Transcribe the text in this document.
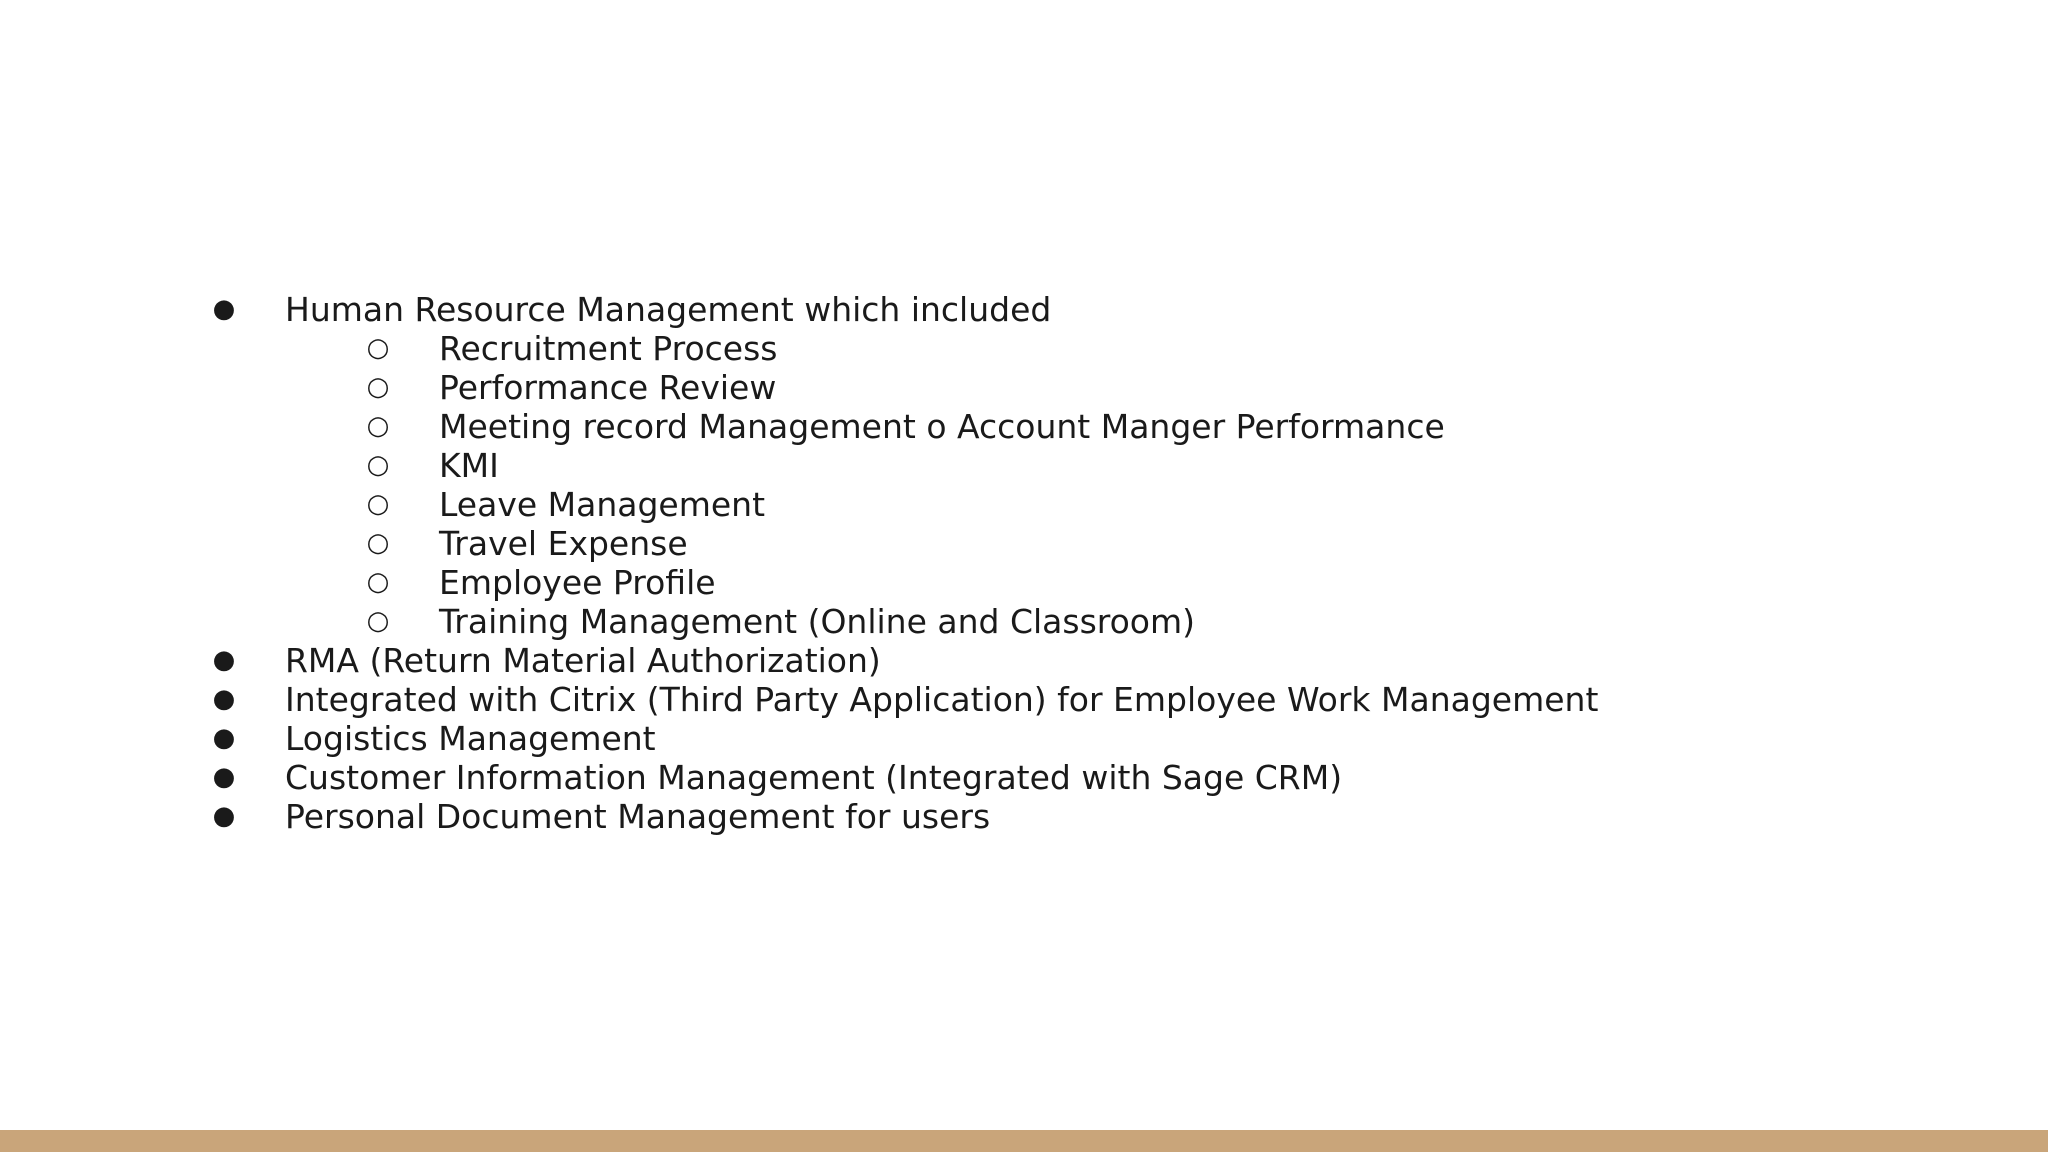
● Human Resource Management which included
○ Recruitment Process
○ Performance Review
○ Meeting record Management o Account Manger Performance
○ KMI
○ Leave Management
○ Travel Expense
○ Employee Profile
○ Training Management (Online and Classroom)
● RMA (Return Material Authorization)
● Integrated with Citrix (Third Party Application) for Employee Work Management
● Logistics Management
● Customer Information Management (Integrated with Sage CRM)
● Personal Document Management for users
